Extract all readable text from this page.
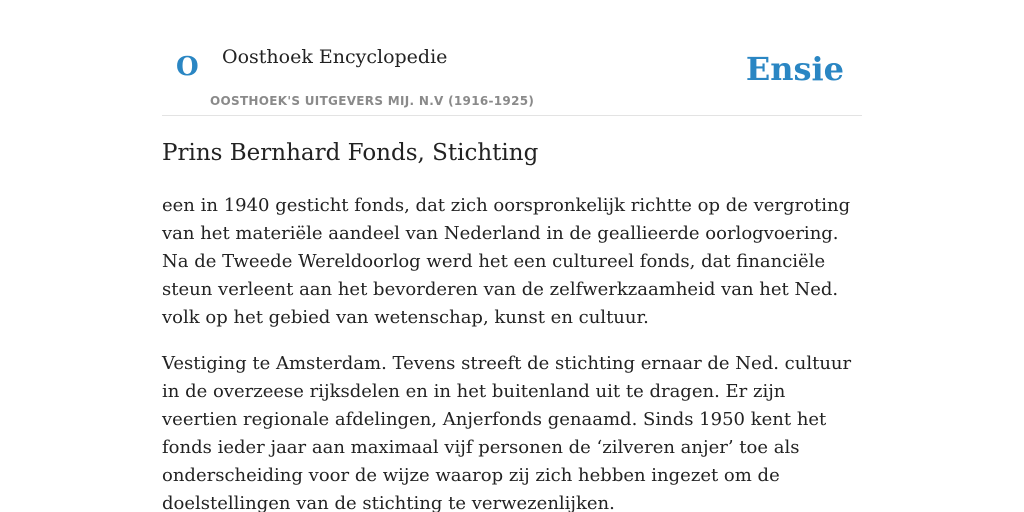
O Oosthoek Encyclopedie
OOSTHOEK'S UITGEVERS MIJ. N.V (1916-1925)
Ensie
Prins Bernhard Fonds, Stichting

een in 1940 gesticht fonds, dat zich oorspronkelijk richtte op de vergroting van het materiële aandeel van Nederland in de geallieerde oorlogvoering. Na de Tweede Wereldoorlog werd het een cultureel fonds, dat financiële steun verleent aan het bevorderen van de zelfwerkzaamheid van het Ned. volk op het gebied van wetenschap, kunst en cultuur.

Vestiging te Amsterdam. Tevens streeft de stichting ernaar de Ned. cultuur in de overzeese rijksdelen en in het buitenland uit te dragen. Er zijn veertien regionale afdelingen, Anjerfonds genaamd. Sinds 1950 kent het fonds ieder jaar aan maximaal vijf personen de ‘zilveren anjer’ toe als onderscheiding voor de wijze waarop zij zich hebben ingezet om de doelstellingen van de stichting te verwezenlijken.
